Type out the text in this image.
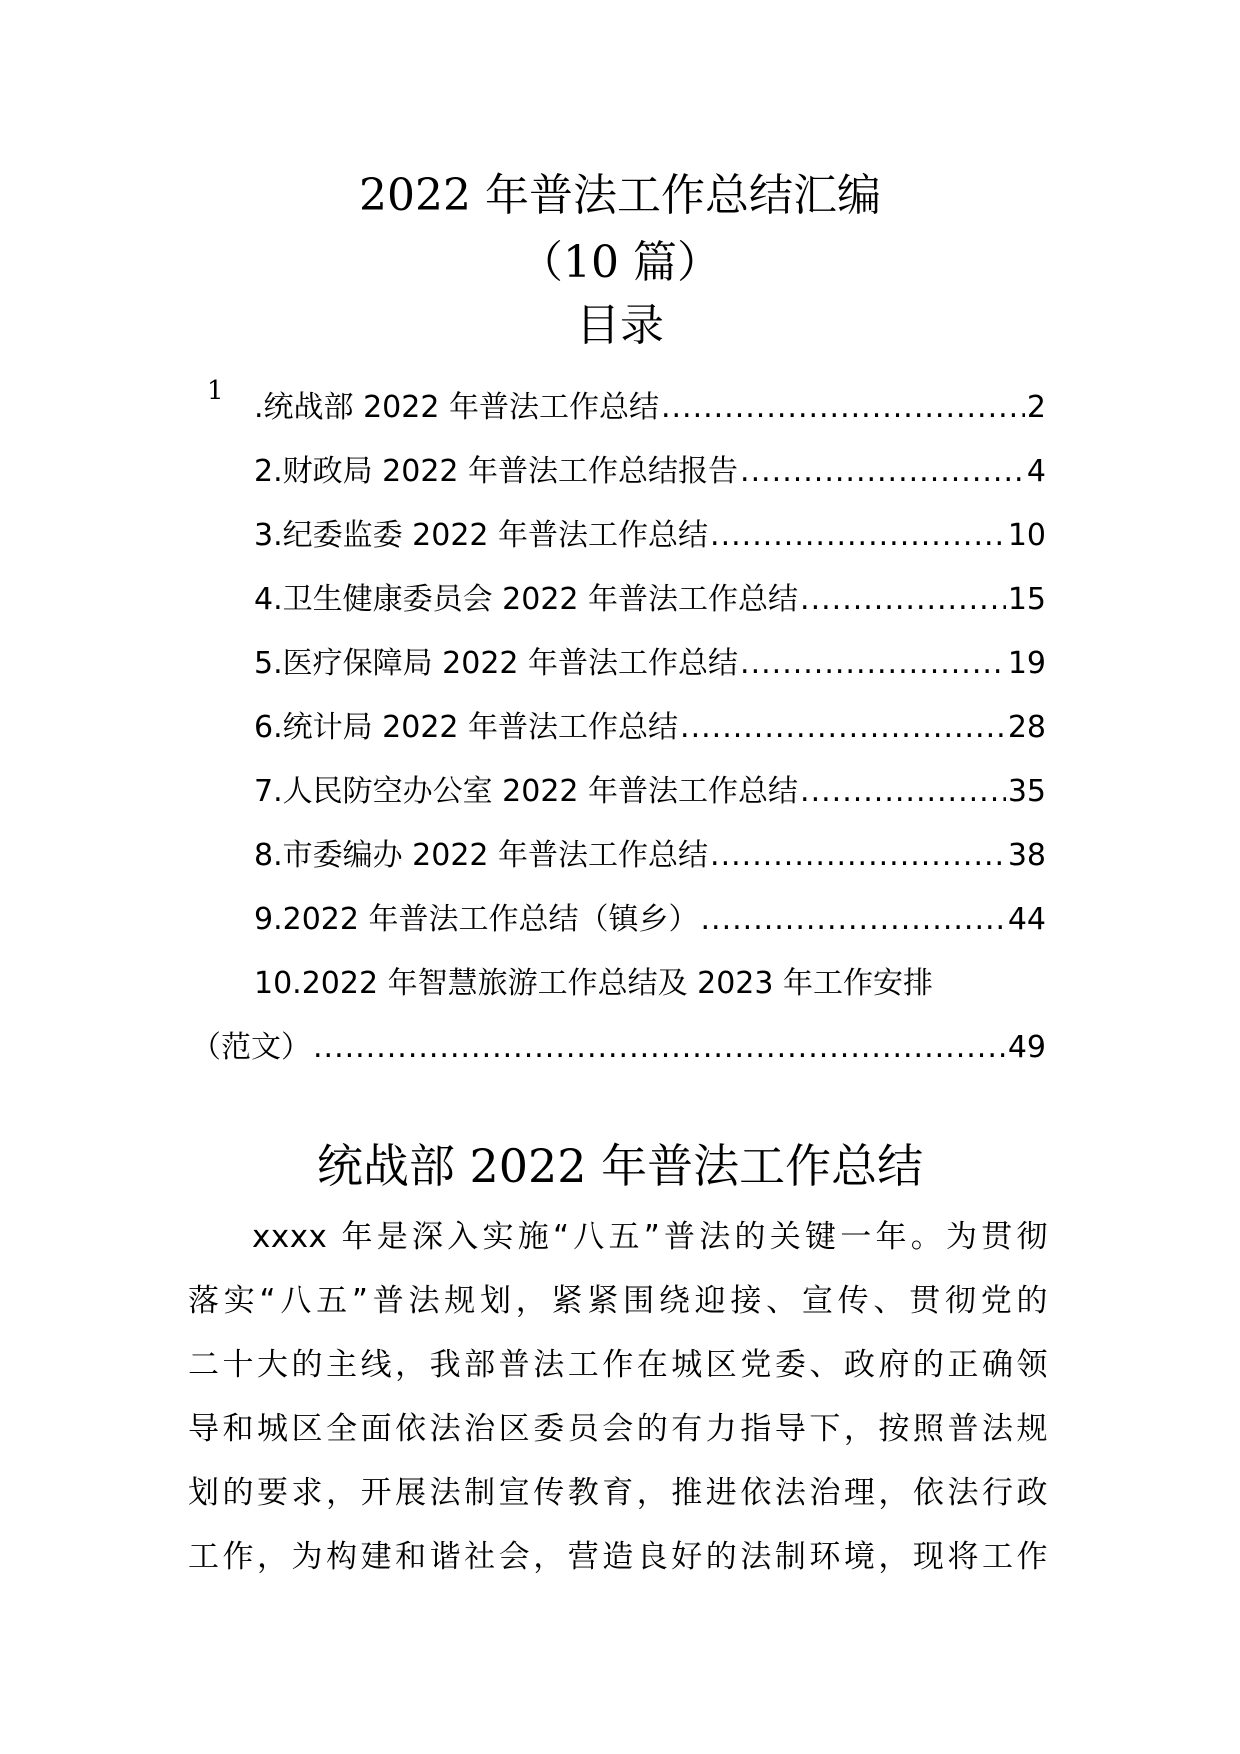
2022 年普法工作总结汇编
（10 篇）
目录
1 .统战部 2022 年普法工作总结 .....	2
2.财政局 2022 年普法工作总结报告 .....	4
3.纪委监委 2022 年普法工作总结 .....	10
4.卫生健康委员会 2022 年普法工作总结 .....	15
5.医疗保障局 2022 年普法工作总结 .....	19
6.统计局 2022 年普法工作总结 .....	28
7.人民防空办公室 2022 年普法工作总结 .....	35
8.市委编办 2022 年普法工作总结 .....	38
9.2022 年普法工作总结（镇乡） .....	44
10.2022 年智慧旅游工作总结及 2023 年工作安排
（范文） .....	49
统战部 2022 年普法工作总结
xxxx 年是深入实施“八五”普法的关键一年。为贯彻
落实“八五”普法规划，紧紧围绕迎接、宣传、贯彻党的
二十大的主线，我部普法工作在城区党委、政府的正确领
导和城区全面依法治区委员会的有力指导下，按照普法规
划的要求，开展法制宣传教育，推进依法治理，依法行政
工作，为构建和谐社会，营造良好的法制环境，现将工作
